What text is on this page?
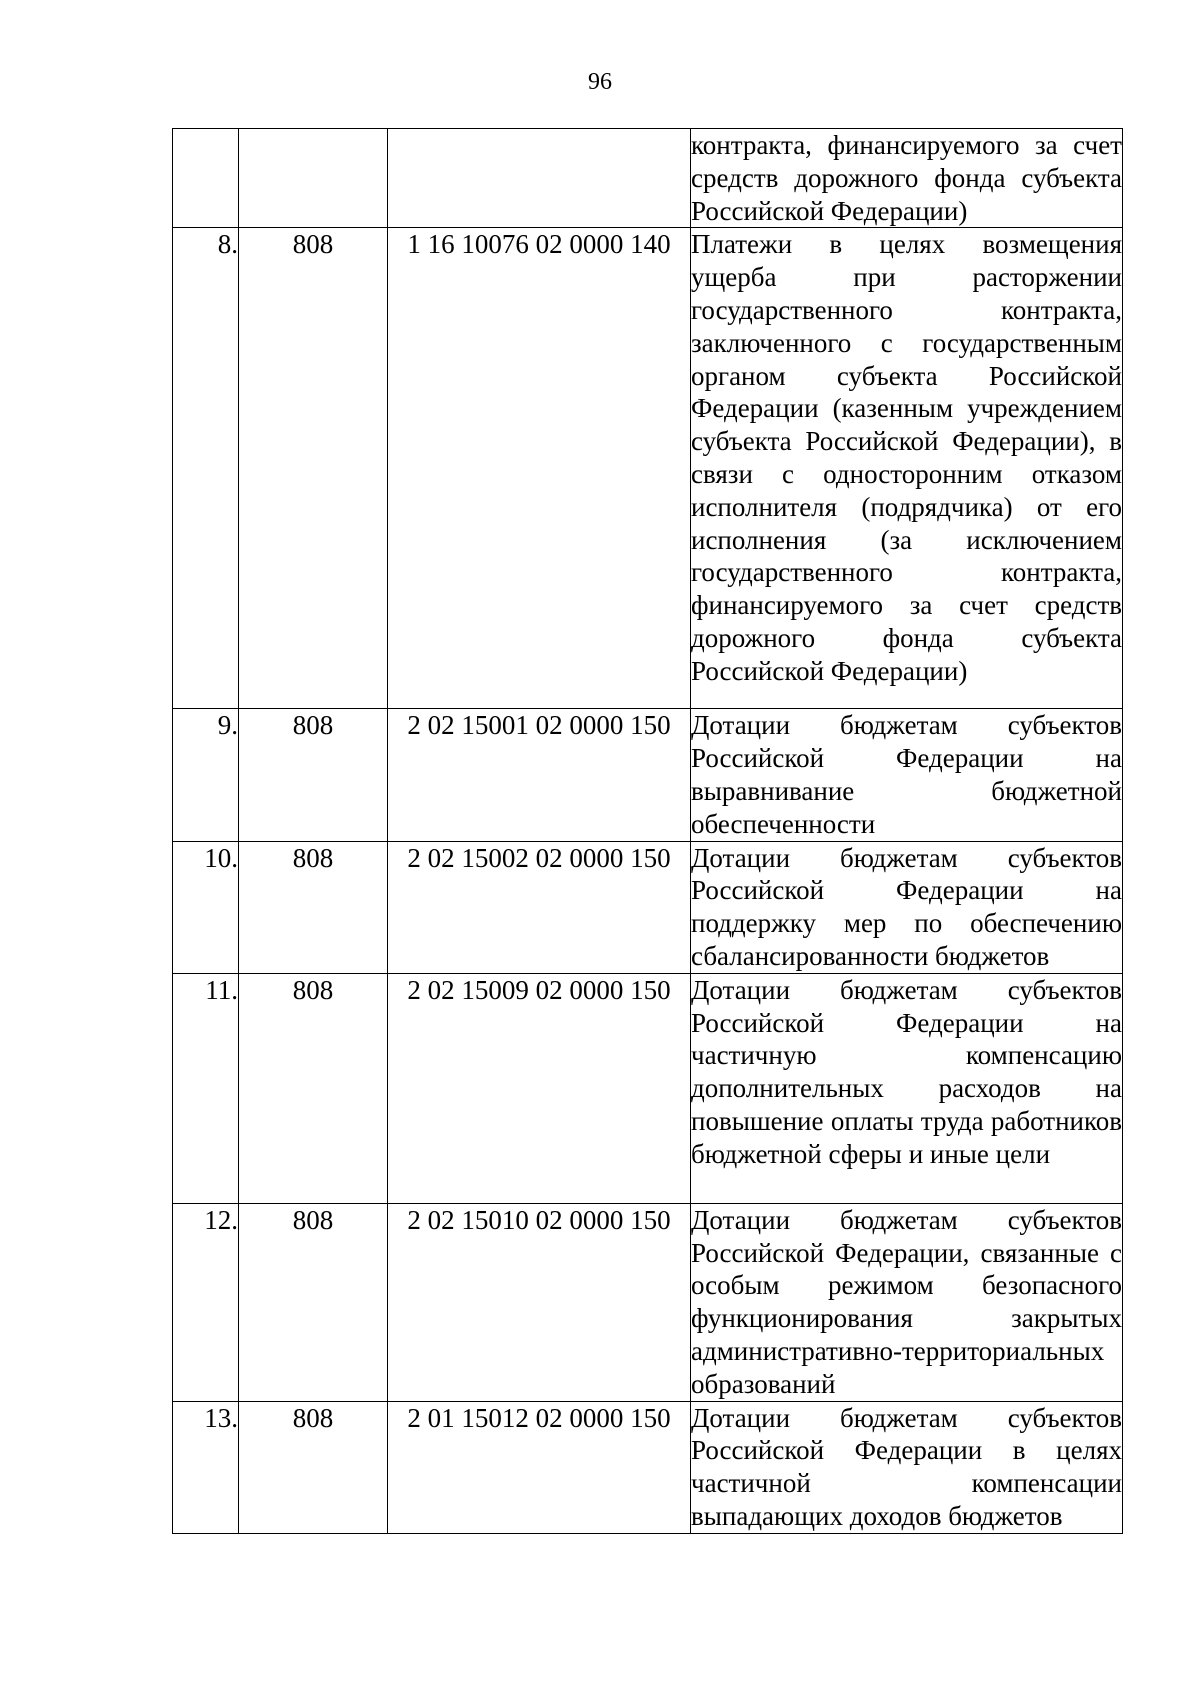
96
			контракта, финансируемого за счет средств дорожного фонда субъекта Российской Федерации)
8.	808	1 16 10076 02 0000 140	Платежи в целях возмещения ущерба при расторжении государственного контракта, заключенного с государственным органом субъекта Российской Федерации (казенным учреждением субъекта Российской Федерации), в связи с односторонним отказом исполнителя (подрядчика) от его исполнения (за исключением государственного контракта, финансируемого за счет средств дорожного фонда субъекта Российской Федерации)
9.	808	2 02 15001 02 0000 150	Дотации бюджетам субъектов Российской Федерации на выравнивание бюджетной обеспеченности
10.	808	2 02 15002 02 0000 150	Дотации бюджетам субъектов Российской Федерации на поддержку мер по обеспечению сбалансированности бюджетов
11.	808	2 02 15009 02 0000 150	Дотации бюджетам субъектов Российской Федерации на частичную компенсацию дополнительных расходов на повышение оплаты труда работников бюджетной сферы и иные цели
12.	808	2 02 15010 02 0000 150	Дотации бюджетам субъектов Российской Федерации, связанные с особым режимом безопасного функционирования закрытых административно-территориальных образований
13.	808	2 01 15012 02 0000 150	Дотации бюджетам субъектов Российской Федерации в целях частичной компенсации выпадающих доходов бюджетов
